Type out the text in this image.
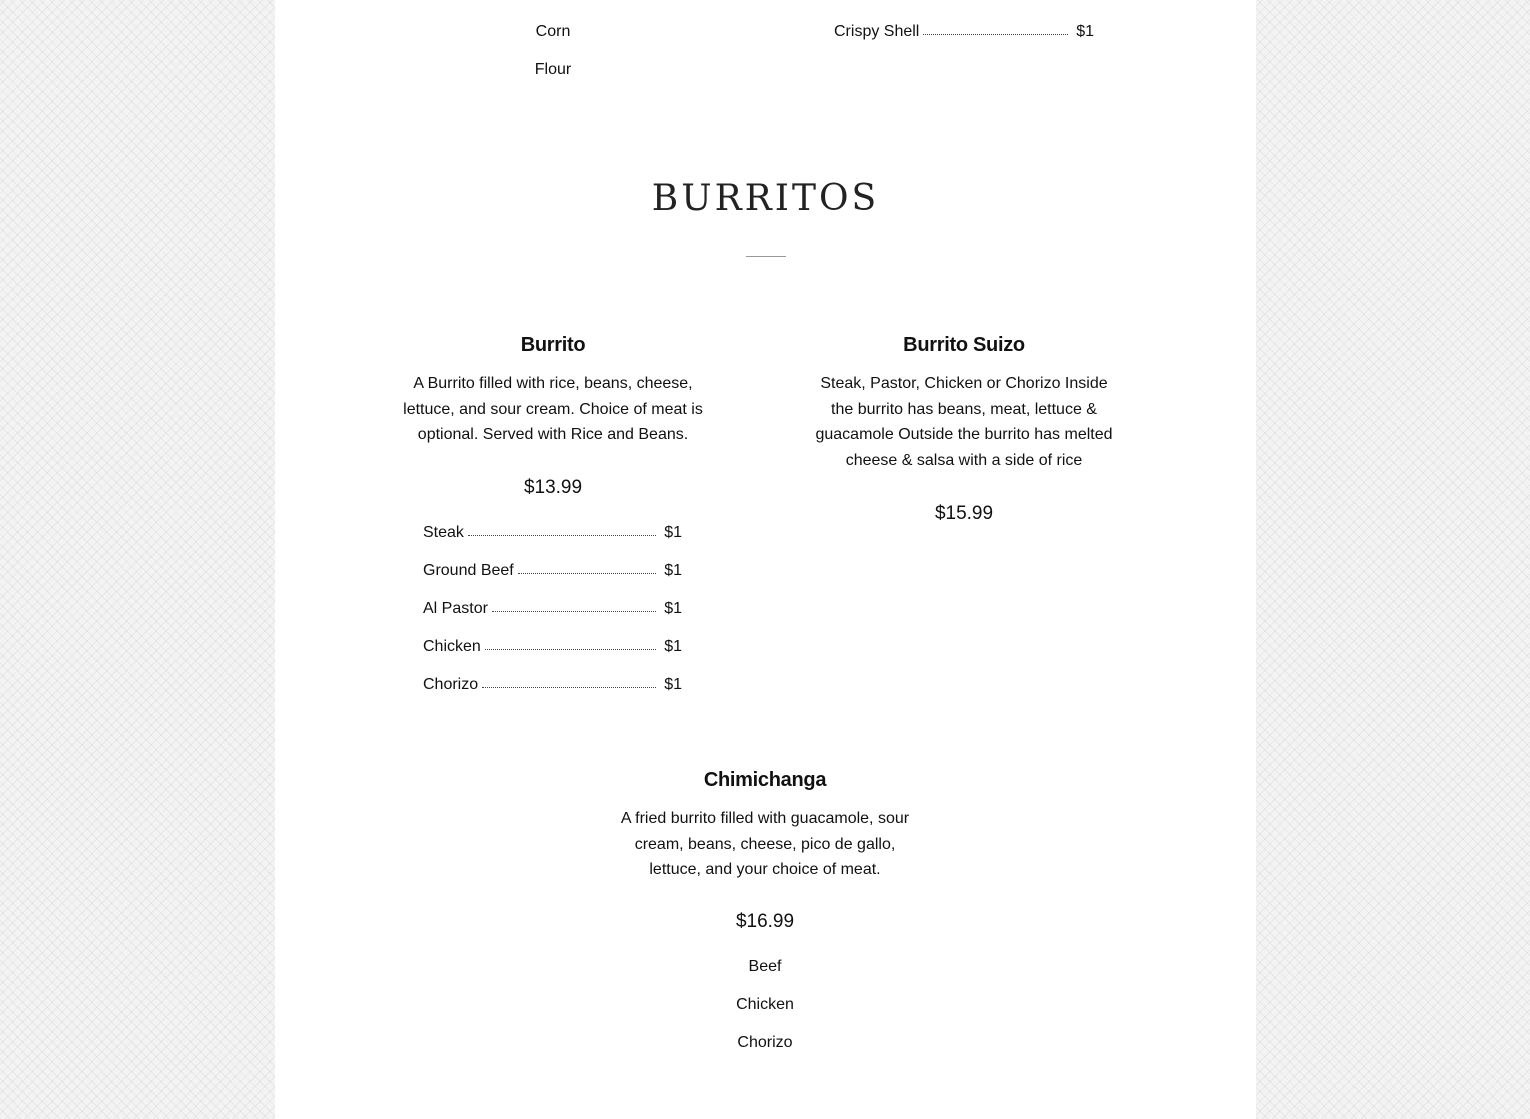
Corn
Flour
Crispy Shell	$1
BURRITOS
Burrito
A Burrito filled with rice, beans, cheese, lettuce, and sour cream. Choice of meat is optional. Served with Rice and Beans.
$13.99
Steak	$1
Ground Beef	$1
Al Pastor	$1
Chicken	$1
Chorizo	$1
Burrito Suizo
Steak, Pastor, Chicken or Chorizo Inside the burrito has beans, meat, lettuce & guacamole Outside the burrito has melted cheese & salsa with a side of rice
$15.99
Chimichanga
A fried burrito filled with guacamole, sour cream, beans, cheese, pico de gallo, lettuce, and your choice of meat.
$16.99
Beef
Chicken
Chorizo
